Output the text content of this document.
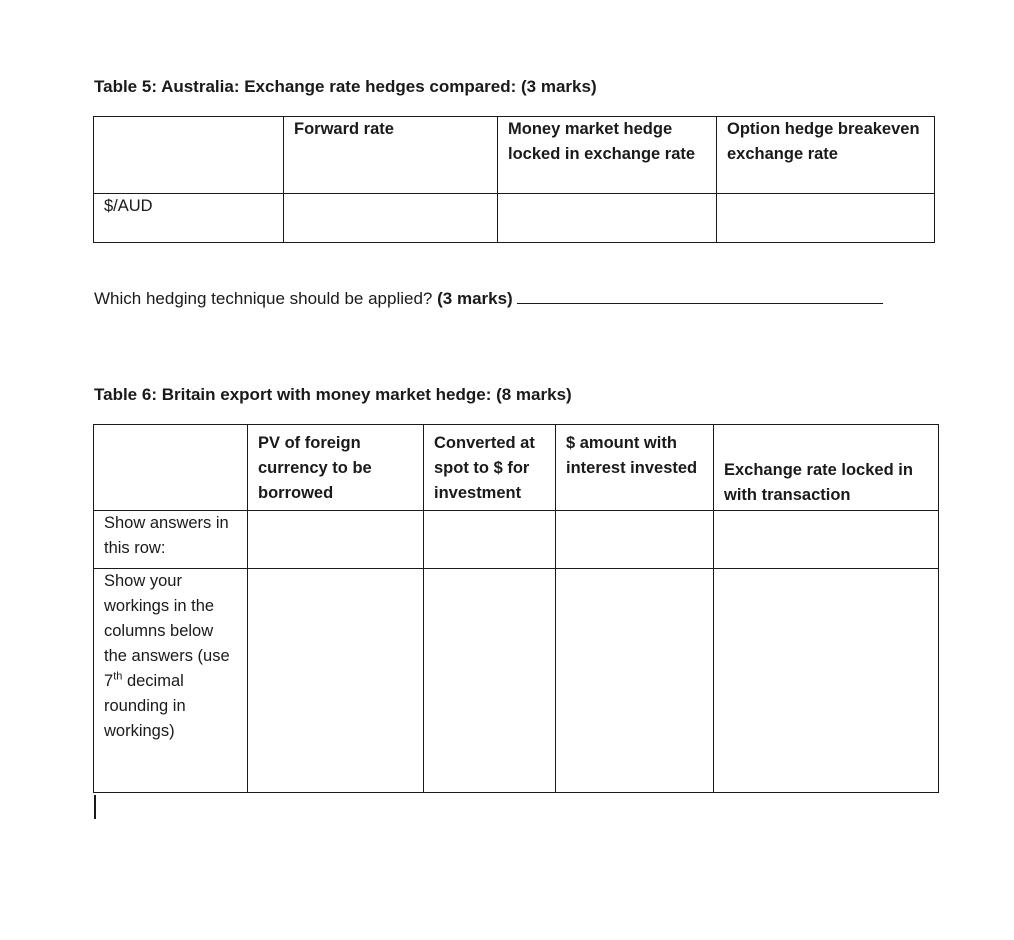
Table 5: Australia: Exchange rate hedges compared: (3 marks)
	Forward rate	Money market hedge locked in exchange rate	Option hedge breakeven exchange rate
$/AUD			
Which hedging technique should be applied? (3 marks)
Table 6: Britain export with money market hedge: (8 marks)
	PV of foreign currency to be borrowed	Converted at spot to $ for investment	$ amount with interest invested	Exchange rate locked in with transaction
Show answers in this row:				
Show your workings in the columns below the answers (use 7th decimal rounding in workings)				
